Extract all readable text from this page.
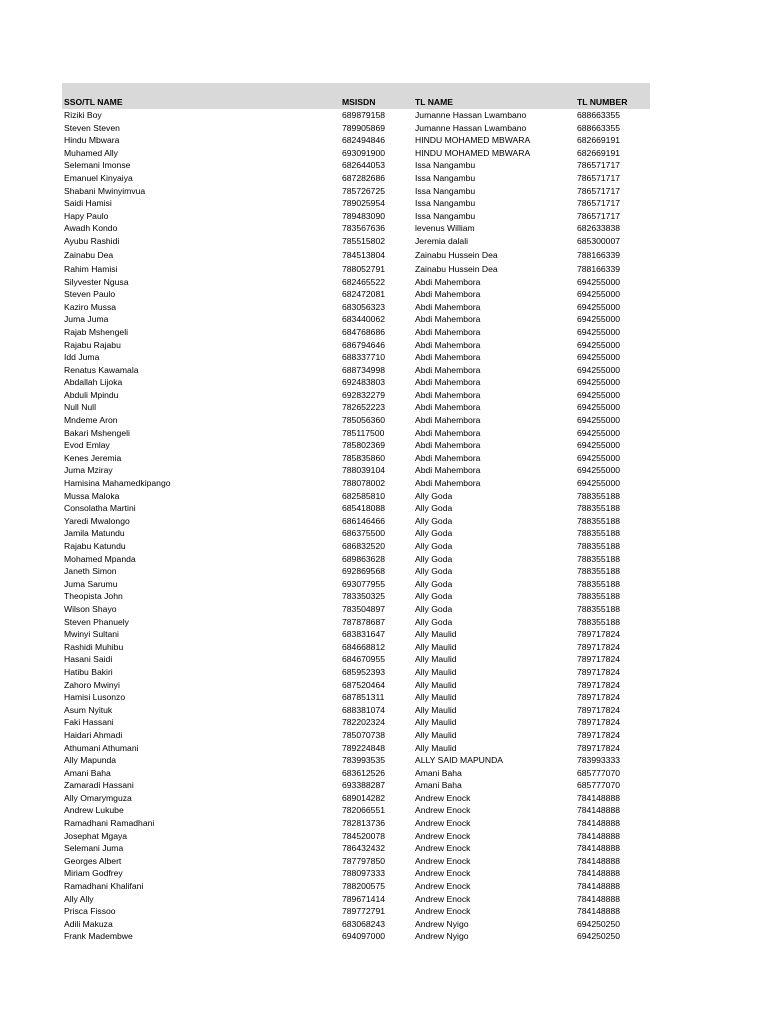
SSO/TL NAME	MSISDN	TL NAME	TL NUMBER
Riziki Boy	689879158	Jumanne Hassan Lwambano	688663355
Steven Steven	789905869	Jumanne Hassan Lwambano	688663355
Hindu Mbwara	682494846	HINDU MOHAMED MBWARA	682669191
Muhamed Ally	693091900	HINDU MOHAMED MBWARA	682669191
Selemani Imonse	682644053	Issa Nangambu	786571717
Emanuel Kinyaiya	687282686	Issa Nangambu	786571717
Shabani Mwinyimvua	785726725	Issa Nangambu	786571717
Saidi Hamisi	789025954	Issa Nangambu	786571717
Hapy Paulo	789483090	Issa Nangambu	786571717
Awadh Kondo	783567636	levenus William	682633838
Ayubu Rashidi	785515802	Jeremia dalali	685300007
Zainabu Dea	784513804	Zainabu Hussein Dea	788166339
Rahim Hamisi	788052791	Zainabu Hussein Dea	788166339
Silyvester Ngusa	682465522	Abdi Mahembora	694255000
Steven Paulo	682472081	Abdi Mahembora	694255000
Kaziro Mussa	683056323	Abdi Mahembora	694255000
Juma Juma	683440062	Abdi Mahembora	694255000
Rajab Mshengeli	684768686	Abdi Mahembora	694255000
Rajabu Rajabu	686794646	Abdi Mahembora	694255000
Idd Juma	688337710	Abdi Mahembora	694255000
Renatus Kawamala	688734998	Abdi Mahembora	694255000
Abdallah Lijoka	692483803	Abdi Mahembora	694255000
Abduli Mpindu	692832279	Abdi Mahembora	694255000
Null Null	782652223	Abdi Mahembora	694255000
Mndeme Aron	785056360	Abdi Mahembora	694255000
Bakari Mshengeli	785117500	Abdi Mahembora	694255000
Evod Emlay	785802369	Abdi Mahembora	694255000
Kenes Jeremia	785835860	Abdi Mahembora	694255000
Juma Mziray	788039104	Abdi Mahembora	694255000
Hamisina Mahamedkipango	788078002	Abdi Mahembora	694255000
Mussa Maloka	682585810	Ally Goda	788355188
Consolatha Martini	685418088	Ally Goda	788355188
Yaredi Mwalongo	686146466	Ally Goda	788355188
Jamila Matundu	686375500	Ally Goda	788355188
Rajabu Katundu	686832520	Ally Goda	788355188
Mohamed Mpanda	689863628	Ally Goda	788355188
Janeth Simon	692869568	Ally Goda	788355188
Juma Sarumu	693077955	Ally Goda	788355188
Theopista John	783350325	Ally Goda	788355188
Wilson Shayo	783504897	Ally Goda	788355188
Steven Phanuely	787878687	Ally Goda	788355188
Mwinyi Sultani	683831647	Ally Maulid	789717824
Rashidi Muhibu	684668812	Ally Maulid	789717824
Hasani Saidi	684670955	Ally Maulid	789717824
Hatibu Bakiri	685952393	Ally Maulid	789717824
Zahoro Mwinyi	687520464	Ally Maulid	789717824
Hamisi Lusonzo	687851311	Ally Maulid	789717824
Asum Nyituk	688381074	Ally Maulid	789717824
Faki Hassani	782202324	Ally Maulid	789717824
Haidari Ahmadi	785070738	Ally Maulid	789717824
Athumani Athumani	789224848	Ally Maulid	789717824
Ally Mapunda	783993535	ALLY SAID MAPUNDA	783993333
Amani Baha	683612526	Amani Baha	685777070
Zamaradi Hassani	693388287	Amani Baha	685777070
Ally Omarymguza	689014282	Andrew Enock	784148888
Andrew Lukube	782066551	Andrew Enock	784148888
Ramadhani Ramadhani	782813736	Andrew Enock	784148888
Josephat Mgaya	784520078	Andrew Enock	784148888
Selemani Juma	786432432	Andrew Enock	784148888
Georges Albert	787797850	Andrew Enock	784148888
Miriam Godfrey	788097333	Andrew Enock	784148888
Ramadhani Khalifani	788200575	Andrew Enock	784148888
Ally Ally	789671414	Andrew Enock	784148888
Prisca Fissoo	789772791	Andrew Enock	784148888
Adili Makuza	683068243	Andrew Nyigo	694250250
Frank Madembwe	694097000	Andrew Nyigo	694250250
